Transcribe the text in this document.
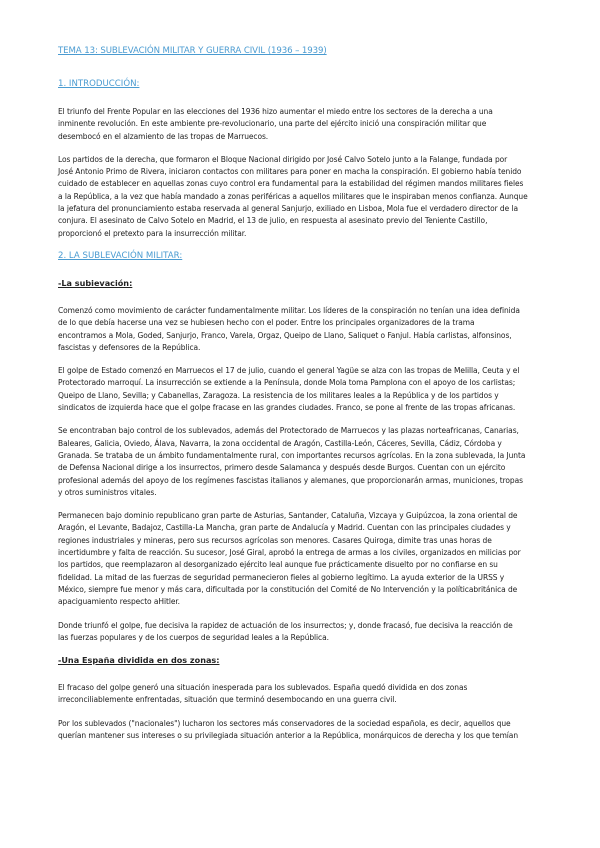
TEMA 13: SUBLEVACIÓN MILITAR Y GUERRA CIVIL (1936 – 1939)
1. INTRODUCCIÓN:
El triunfo del Frente Popular en las elecciones del 1936 hizo aumentar el miedo entre los sectores de la derecha a una
inminente revolución. En este ambiente pre-revolucionario, una parte del ejército inició una conspiración militar que
desembocó en el alzamiento de las tropas de Marruecos.
Los partidos de la derecha, que formaron el Bloque Nacional dirigido por José Calvo Sotelo junto a la Falange, fundada por
José Antonio Primo de Rivera, iniciaron contactos con militares para poner en macha la conspiración. El gobierno había tenido
cuidado de establecer en aquellas zonas cuyo control era fundamental para la estabilidad del régimen mandos militares fieles
a la República, a la vez que había mandado a zonas periféricas a aquellos militares que le inspiraban menos confianza. Aunque
la jefatura del pronunciamiento estaba reservada al general Sanjurjo, exiliado en Lisboa, Mola fue el verdadero director de la
conjura. El asesinato de Calvo Sotelo en Madrid, el 13 de julio, en respuesta al asesinato previo del Teniente Castillo,
proporcionó el pretexto para la insurrección militar.
2. LA SUBLEVACIÓN MILITAR:
-La subievación:
Comenzó como movimiento de carácter fundamentalmente militar. Los líderes de la conspiración no tenían una idea definida
de lo que debía hacerse una vez se hubiesen hecho con el poder. Entre los principales organizadores de la trama
encontramos a Mola, Goded, Sanjurjo, Franco, Varela, Orgaz, Queipo de Llano, Saliquet o Fanjul. Había carlistas, alfonsinos,
fascistas y defensores de la República.
El golpe de Estado comenzó en Marruecos el 17 de julio, cuando el general Yagüe se alza con las tropas de Melilla, Ceuta y el
Protectorado marroquí. La insurrección se extiende a la Península, donde Mola toma Pamplona con el apoyo de los carlistas;
Queipo de Llano, Sevilla; y Cabanellas, Zaragoza. La resistencia de los militares leales a la República y de los partidos y
sindicatos de izquierda hace que el golpe fracase en las grandes ciudades. Franco, se pone al frente de las tropas africanas.
Se encontraban bajo control de los sublevados, además del Protectorado de Marruecos y las plazas norteafricanas, Canarias,
Baleares, Galicia, Oviedo, Álava, Navarra, la zona occidental de Aragón, Castilla-León, Cáceres, Sevilla, Cádiz, Córdoba y
Granada. Se trataba de un ámbito fundamentalmente rural, con importantes recursos agrícolas. En la zona sublevada, la Junta
de Defensa Nacional dirige a los insurrectos, primero desde Salamanca y después desde Burgos. Cuentan con un ejército
profesional además del apoyo de los regímenes fascistas italianos y alemanes, que proporcionarán armas, municiones, tropas
y otros suministros vitales.
Permanecen bajo dominio republicano gran parte de Asturias, Santander, Cataluña, Vizcaya y Guipúzcoa, la zona oriental de
Aragón, el Levante, Badajoz, Castilla-La Mancha, gran parte de Andalucía y Madrid. Cuentan con las principales ciudades y
regiones industriales y mineras, pero sus recursos agrícolas son menores. Casares Quiroga, dimite tras unas horas de
incertidumbre y falta de reacción. Su sucesor, José Giral, aprobó la entrega de armas a los civiles, organizados en milicias por
los partidos, que reemplazaron al desorganizado ejército leal aunque fue prácticamente disuelto por no confiarse en su
fidelidad. La mitad de las fuerzas de seguridad permanecieron fieles al gobierno legítimo. La ayuda exterior de la URSS y
México, siempre fue menor y más cara, dificultada por la constitución del Comité de No Intervención y la políticabritánica de
apaciguamiento respecto aHitler.
Donde triunfó el golpe, fue decisiva la rapidez de actuación de los insurrectos; y, donde fracasó, fue decisiva la reacción de
las fuerzas populares y de los cuerpos de seguridad leales a la República.
-Una España dividida en dos zonas:
El fracaso del golpe generó una situación inesperada para los sublevados. España quedó dividida en dos zonas
irreconciliablemente enfrentadas, situación que terminó desembocando en una guerra civil.
Por los sublevados ("nacionales") lucharon los sectores más conservadores de la sociedad española, es decir, aquellos que
querían mantener sus intereses o su privilegiada situación anterior a la República, monárquicos de derecha y los que temían
